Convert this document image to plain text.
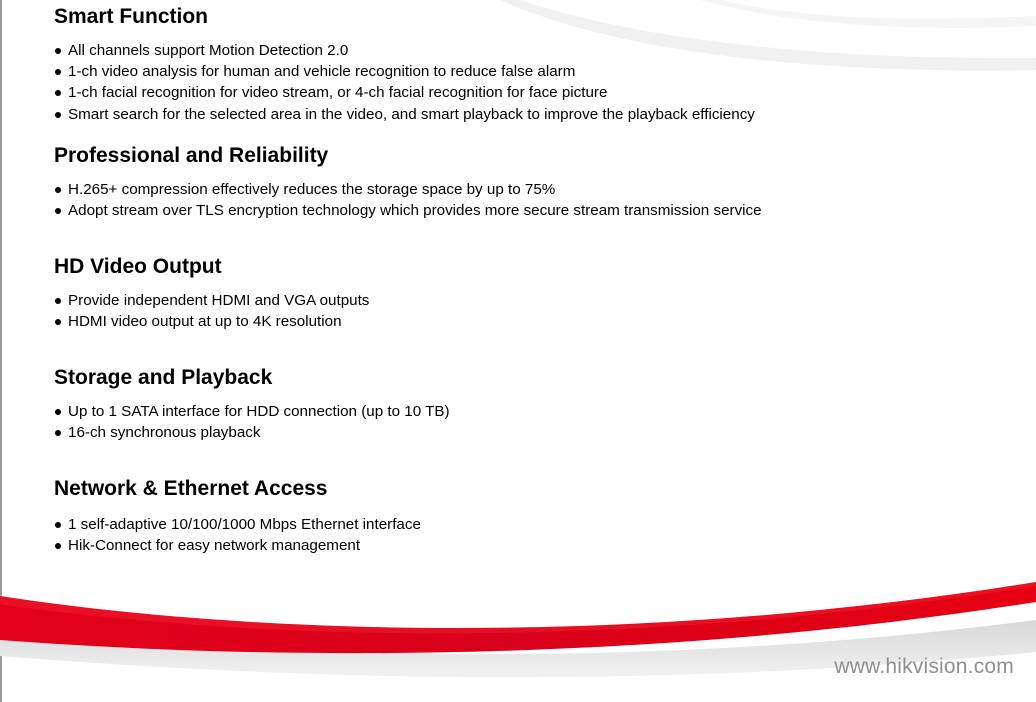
Smart Function
All channels support Motion Detection 2.0
1-ch video analysis for human and vehicle recognition to reduce false alarm
1-ch facial recognition for video stream, or 4-ch facial recognition for face picture
Smart search for the selected area in the video, and smart playback to improve the playback efficiency
Professional and Reliability
H.265+ compression effectively reduces the storage space by up to 75%
Adopt stream over TLS encryption technology which provides more secure stream transmission service
HD Video Output
Provide independent HDMI and VGA outputs
HDMI video output at up to 4K resolution
Storage and Playback
Up to 1 SATA interface for HDD connection (up to 10 TB)
16-ch synchronous playback
Network & Ethernet Access
1 self-adaptive 10/100/1000 Mbps Ethernet interface
Hik-Connect for easy network management
www.hikvision.com
